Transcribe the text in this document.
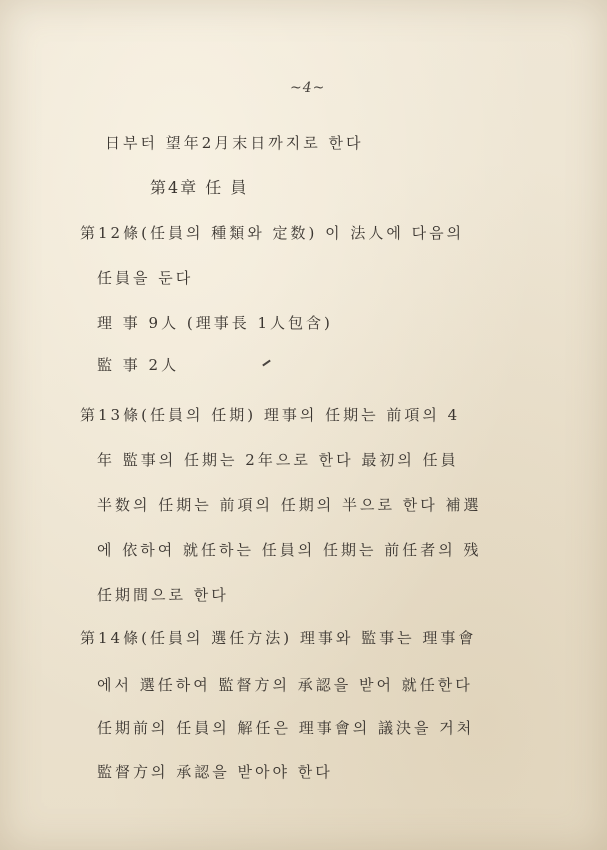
~4~
日부터 望年2月末日까지로 한다
第4章 任 員
第12條(任員의 種類와 定数) 이 法人에 다음의
任員을 둔다
理 事 9人 (理事長 1人包含)
監 事 2人
第13條(任員의 任期) 理事의 任期는 前項의 4
年 監事의 任期는 2年으로 한다 最初의 任員
半数의 任期는 前項의 任期의 半으로 한다 補選
에 依하여 就任하는 任員의 任期는 前任者의 残
任期間으로 한다
第14條(任員의 選任方法) 理事와 監事는 理事會
에서 選任하여 監督方의 承認을 받어 就任한다
任期前의 任員의 解任은 理事會의 議決을 거처
監督方의 承認을 받아야 한다
